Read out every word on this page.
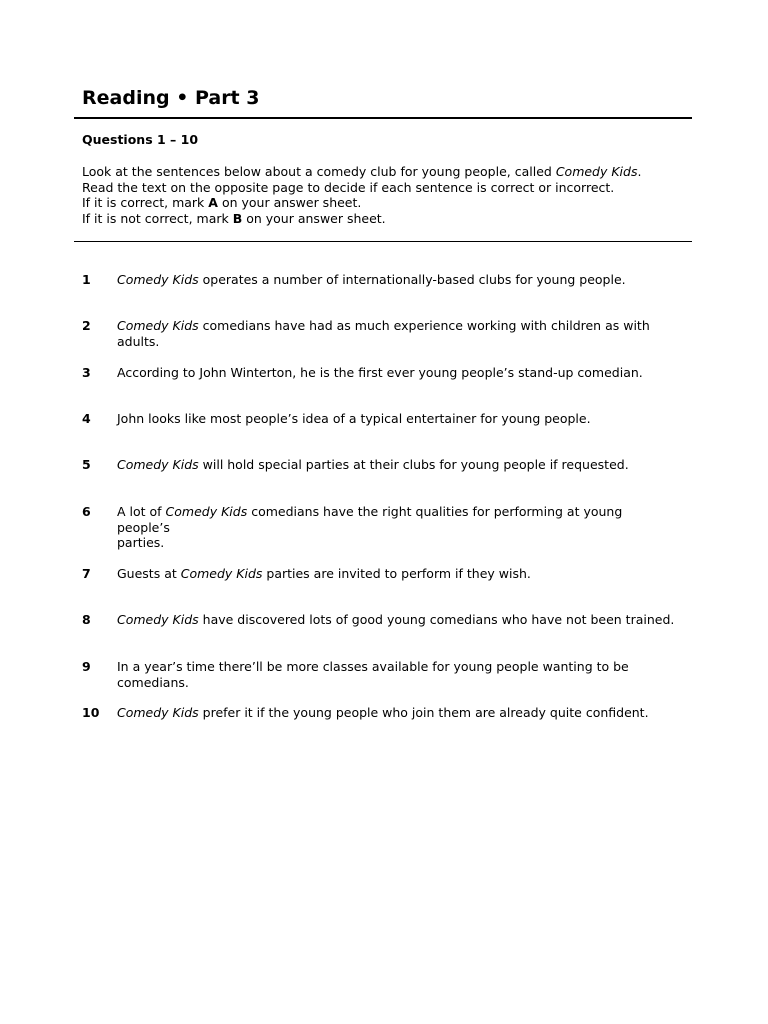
Reading • Part 3
Questions 1 – 10
Look at the sentences below about a comedy club for young people, called Comedy Kids.
Read the text on the opposite page to decide if each sentence is correct or incorrect.
If it is correct, mark A on your answer sheet.
If it is not correct, mark B on your answer sheet.
1	Comedy Kids operates a number of internationally-based clubs for young people.

2	Comedy Kids comedians have had as much experience working with children as with adults.

3	According to John Winterton, he is the first ever young people’s stand-up comedian.

4	John looks like most people’s idea of a typical entertainer for young people.

5	Comedy Kids will hold special parties at their clubs for young people if requested.

6	A lot of Comedy Kids comedians have the right qualities for performing at young people’s
parties.
7	Guests at Comedy Kids parties are invited to perform if they wish.

8	Comedy Kids have discovered lots of good young comedians who have not been trained.

9	In a year’s time there’ll be more classes available for young people wanting to be comedians.

10	Comedy Kids prefer it if the young people who join them are already quite confident.
